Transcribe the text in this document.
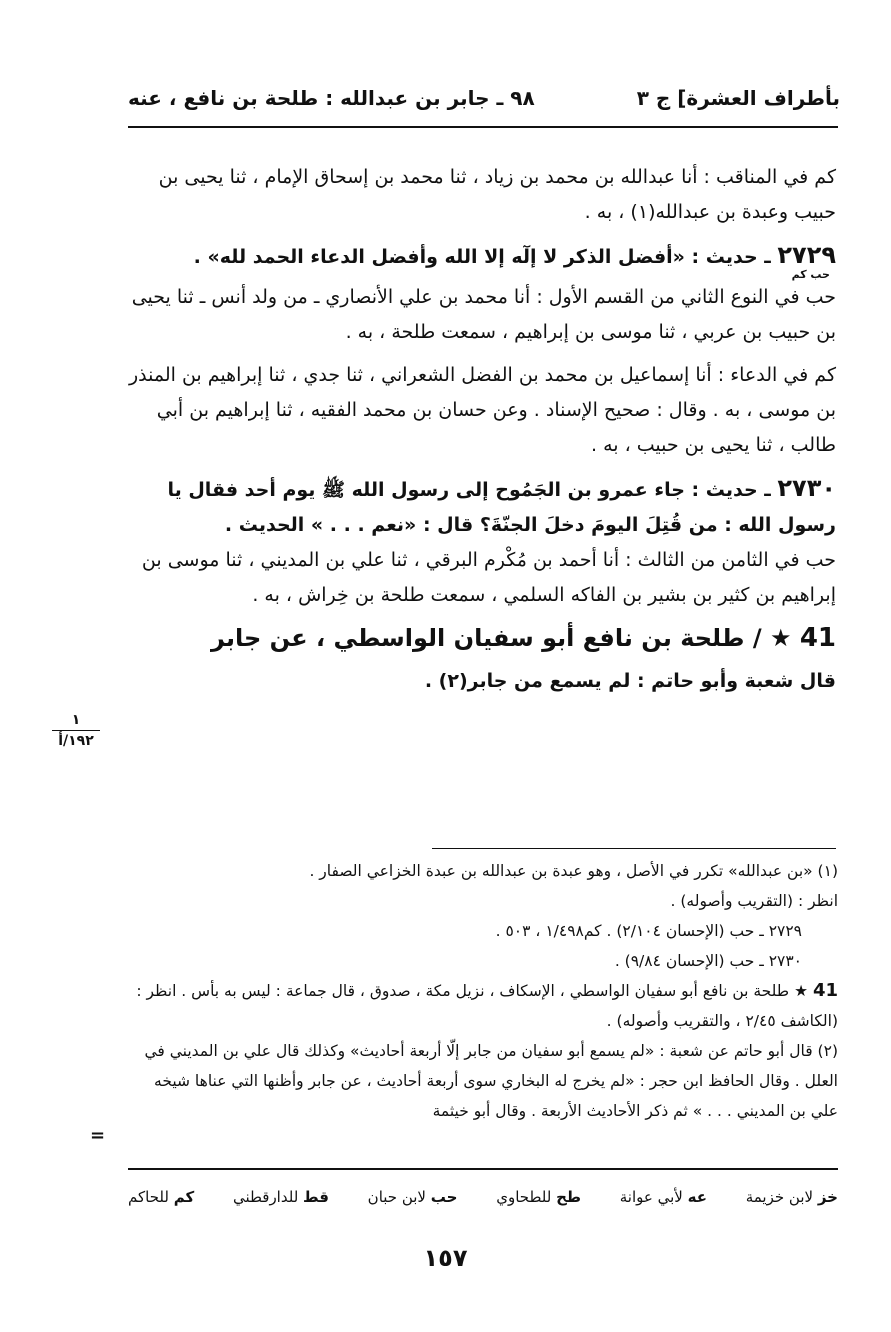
بأطراف العشرة] ج ٣
٩٨ ـ جابر بن عبدالله : طلحة بن نافع ، عنه

كم في المناقب : أنا عبدالله بن محمد بن زياد ، ثنا محمد بن إسحاق الإمام ، ثنا يحيى بن حبيب وعبدة بن عبدالله(١) ، به .

٢٧٢٩ ـ حديث : «أفضل الذكر لا إلٓه إلا الله وأفضل الدعاء الحمد لله» .

حب كم

حب في النوع الثاني من القسم الأول : أنا محمد بن علي الأنصاري ـ من ولد أنس ـ ثنا يحيى بن حبيب بن عربي ، ثنا موسى بن إبراهيم ، سمعت طلحة ، به .

كم في الدعاء : أنا إسماعيل بن محمد بن الفضل الشعراني ، ثنا جدي ، ثنا إبراهيم بن المنذر بن موسى ، به . وقال : صحيح الإسناد . وعن حسان بن محمد الفقيه ، ثنا إبراهيم بن أبي طالب ، ثنا يحيى بن حبيب ، به .

٢٧٣٠ ـ حديث : جاء عمرو بن الجَمُوح إلى رسول الله ﷺ يوم أحد فقال يا رسول الله : من قُتِلَ اليومَ دخلَ الجنّةَ؟ قال : «نعم . . . » الحديث .

حب في الثامن من الثالث : أنا أحمد بن مُكْرم البرقي ، ثنا علي بن المديني ، ثنا موسى بن إبراهيم بن كثير بن بشير بن الفاكه السلمي ، سمعت طلحة بن خِراش ، به .

41 ★ / طلحة بن نافع أبو سفيان الواسطي ، عن جابر

قال شعبة وأبو حاتم : لم يسمع من جابر(٢) .

١
١٩٢/أ

(١) «بن عبدالله» تكرر في الأصل ، وهو عبدة بن عبدالله بن عبدة الخزاعي الصفار .

انظر : (التقريب وأصوله) .

٢٧٢٩ ـ حب (الإحسان ٢/١٠٤) . كم١/٤٩٨ ، ٥٠٣ .

٢٧٣٠ ـ حب (الإحسان ٩/٨٤) .

41 ★ طلحة بن نافع أبو سفيان الواسطي ، الإسكاف ، نزيل مكة ، صدوق ، قال جماعة : ليس به بأس . انظر : (الكاشف ٢/٤٥ ، والتقريب وأصوله) .

(٢) قال أبو حاتم عن شعبة : «لم يسمع أبو سفيان من جابر إلّا أربعة أحاديث» وكذلك قال علي بن المديني في العلل . وقال الحافظ ابن حجر : «لم يخرج له البخاري سوى أربعة أحاديث ، عن جابر وأظنها التي عناها شيخه علي بن المديني . . . » ثم ذكر الأحاديث الأربعة . وقال أبو خيثمة

=
خز لابن خزيمة
عه لأبي عوانة
طح للطحاوي
حب لابن حبان
قط للدارقطني
كم للحاكم
١٥٧
